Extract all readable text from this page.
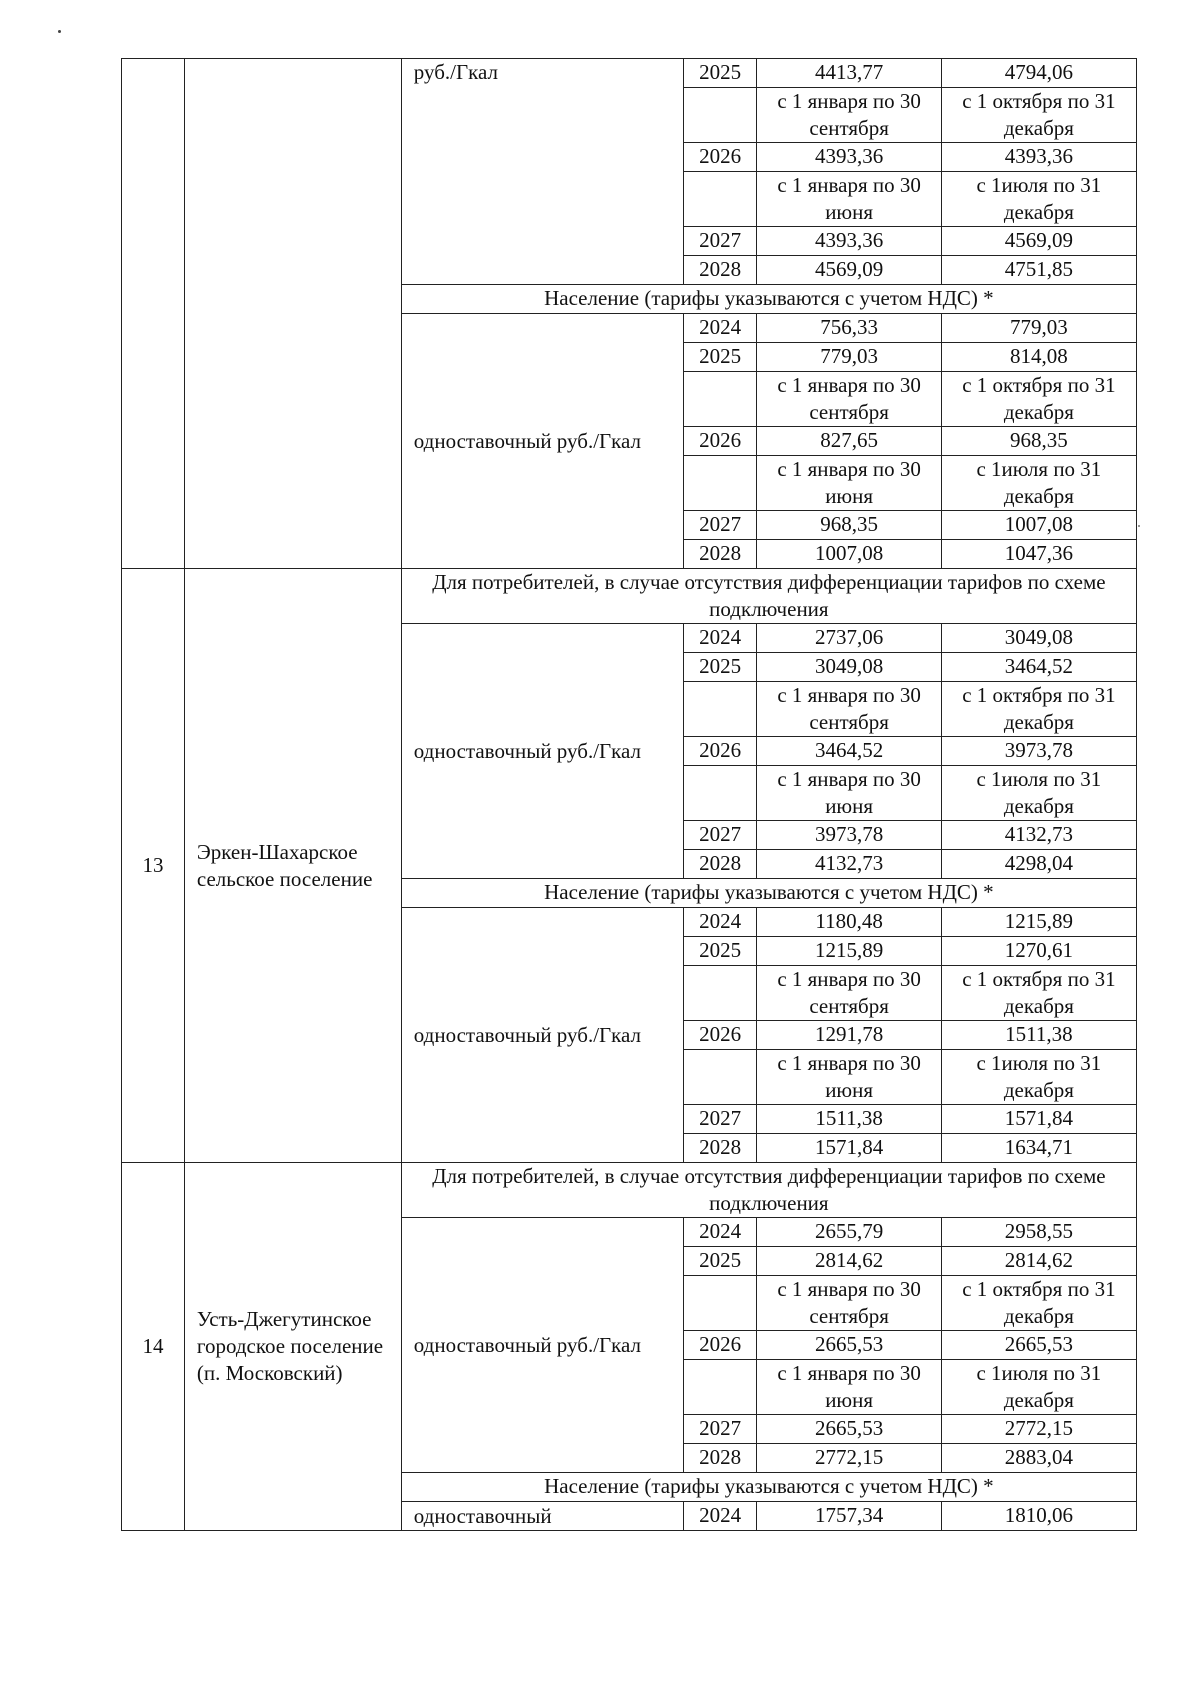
		руб./Гкал	2025	4413,77	4794,06
				с 1 января по 30 сентября	с 1 октября по 31 декабря
			2026	4393,36	4393,36
				с 1 января по 30 июня	с 1июля по 31 декабря
			2027	4393,36	4569,09
			2028	4569,09	4751,85
		Население (тарифы указываются с учетом НДС) *			
		одноставочный руб./Гкал	2024	756,33	779,03
			2025	779,03	814,08
				с 1 января по 30 сентября	с 1 октября по 31 декабря
			2026	827,65	968,35
				с 1 января по 30 июня	с 1июля по 31 декабря
			2027	968,35	1007,08
			2028	1007,08	1047,36
13	Эркен-Шахарское сельское поселение	Для потребителей, в случае отсутствия дифференциации тарифов по схеме подключения			
		одноставочный руб./Гкал	2024	2737,06	3049,08
			2025	3049,08	3464,52
				с 1 января по 30 сентября	с 1 октября по 31 декабря
			2026	3464,52	3973,78
				с 1 января по 30 июня	с 1июля по 31 декабря
			2027	3973,78	4132,73
			2028	4132,73	4298,04
		Население (тарифы указываются с учетом НДС) *			
		одноставочный руб./Гкал	2024	1180,48	1215,89
			2025	1215,89	1270,61
				с 1 января по 30 сентября	с 1 октября по 31 декабря
			2026	1291,78	1511,38
				с 1 января по 30 июня	с 1июля по 31 декабря
			2027	1511,38	1571,84
			2028	1571,84	1634,71
14	Усть-Джегутинское городское поселение (п. Московский)	Для потребителей, в случае отсутствия дифференциации тарифов по схеме подключения			
		одноставочный руб./Гкал	2024	2655,79	2958,55
			2025	2814,62	2814,62
				с 1 января по 30 сентября	с 1 октября по 31 декабря
			2026	2665,53	2665,53
				с 1 января по 30 июня	с 1июля по 31 декабря
			2027	2665,53	2772,15
			2028	2772,15	2883,04
		Население (тарифы указываются с учетом НДС) *			
		одноставочный	2024	1757,34	1810,06
